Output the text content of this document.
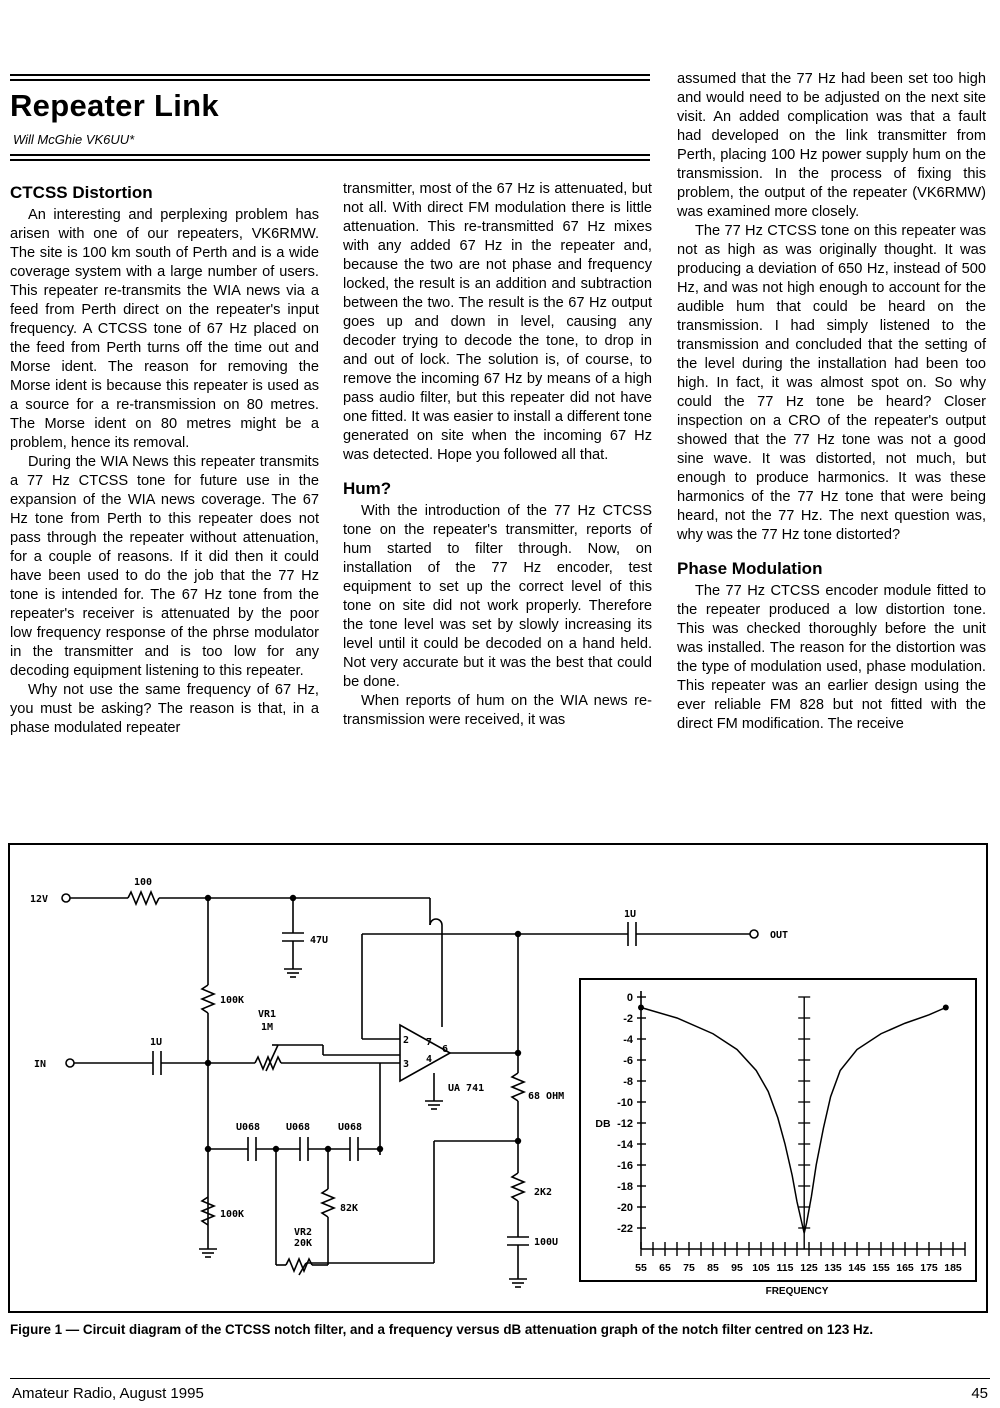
Repeater Link
Will McGhie VK6UU*
CTCSS Distortion

An interesting and perplexing problem has arisen with one of our repeaters, VK6RMW. The site is 100 km south of Perth and is a wide coverage system with a large number of users. This repeater re-transmits the WIA news via a feed from Perth direct on the repeater's input frequency. A CTCSS tone of 67 Hz placed on the feed from Perth turns off the time out and Morse ident. The reason for removing the Morse ident is because this repeater is used as a source for a re-transmission on 80 metres. The Morse ident on 80 metres might be a problem, hence its removal.

During the WIA News this repeater transmits a 77 Hz CTCSS tone for future use in the expansion of the WIA news coverage. The 67 Hz tone from Perth to this repeater does not pass through the repeater without attenuation, for a couple of reasons. If it did then it could have been used to do the job that the 77 Hz tone is intended for. The 67 Hz tone from the repeater's receiver is attenuated by the poor low frequency response of the phrse modulator in the transmitter and is too low for any decoding equipment listening to this repeater.

Why not use the same frequency of 67 Hz, you must be asking? The reason is that, in a phase modulated repeater

transmitter, most of the 67 Hz is attenuated, but not all. With direct FM modulation there is little attenuation. This re-transmitted 67 Hz mixes with any added 67 Hz in the repeater and, because the two are not phase and frequency locked, the result is an addition and subtraction between the two. The result is the 67 Hz output goes up and down in level, causing any decoder trying to decode the tone, to drop in and out of lock. The solution is, of course, to remove the incoming 67 Hz by means of a high pass audio filter, but this repeater did not have one fitted. It was easier to install a different tone generated on site when the incoming 67 Hz was detected. Hope you followed all that.

Hum?

With the introduction of the 77 Hz CTCSS tone on the repeater's transmitter, reports of hum started to filter through. Now, on installation of the 77 Hz encoder, test equipment to set up the correct level of this tone on site did not work properly. Therefore the tone level was set by slowly increasing its level until it could be decoded on a hand held. Not very accurate but it was the best that could be done.

When reports of hum on the WIA news re-transmission were received, it was

assumed that the 77 Hz had been set too high and would need to be adjusted on the next site visit. An added complication was that a fault had developed on the link transmitter from Perth, placing 100 Hz power supply hum on the transmission. In the process of fixing this problem, the output of the repeater (VK6RMW) was examined more closely.

The 77 Hz CTCSS tone on this repeater was not as high as was originally thought. It was producing a deviation of 650 Hz, instead of 500 Hz, and was not high enough to account for the audible hum that could be heard on the transmission. I had simply listened to the transmission and concluded that the setting of the level during the installation had been too high. In fact, it was almost spot on. So why could the 77 Hz tone be heard? Closer inspection on a CRO of the repeater's output showed that the 77 Hz tone was not a good sine wave. It was distorted, not much, but enough to produce harmonics. It was these harmonics of the 77 Hz tone that were being heard, not the 77 Hz. The next question was, why was the 77 Hz tone distorted?

Phase Modulation

The 77 Hz CTCSS encoder module fitted to the repeater produced a low distortion tone. This was checked thoroughly before the unit was installed. The reason for the distortion was the type of modulation used, phase modulation. This repeater was an earlier design using the ever reliable FM 828 but not fitted with the direct FM modification. The receive

12V
IN
OUT
100
47U
100K
VR1
1M
1U
1U
2
3
7
4
6
UA 741
68 OHM
U068	U068	U068
100K
82K
VR2
20K
2K2
100U
0
-2
-4
-6
-8
-10
-12
-14
-16
-18
-20
-22
55 65 75 85 95 105 115 125 135 145 155 165 175 185
DB
FREQUENCY
Figure 1 — Circuit diagram of the CTCSS notch filter, and a frequency versus dB attenuation graph of the notch filter centred on 123 Hz.
Amateur Radio, August 1995	45
